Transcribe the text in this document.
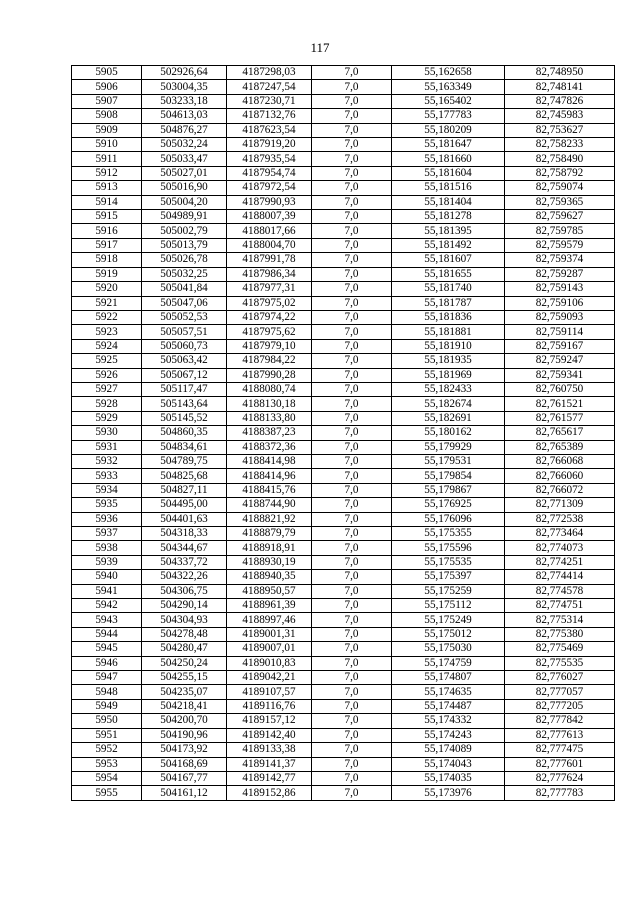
117
5905	502926,64	4187298,03	7,0	55,162658	82,748950
5906	503004,35	4187247,54	7,0	55,163349	82,748141
5907	503233,18	4187230,71	7,0	55,165402	82,747826
5908	504613,03	4187132,76	7,0	55,177783	82,745983
5909	504876,27	4187623,54	7,0	55,180209	82,753627
5910	505032,24	4187919,20	7,0	55,181647	82,758233
5911	505033,47	4187935,54	7,0	55,181660	82,758490
5912	505027,01	4187954,74	7,0	55,181604	82,758792
5913	505016,90	4187972,54	7,0	55,181516	82,759074
5914	505004,20	4187990,93	7,0	55,181404	82,759365
5915	504989,91	4188007,39	7,0	55,181278	82,759627
5916	505002,79	4188017,66	7,0	55,181395	82,759785
5917	505013,79	4188004,70	7,0	55,181492	82,759579
5918	505026,78	4187991,78	7,0	55,181607	82,759374
5919	505032,25	4187986,34	7,0	55,181655	82,759287
5920	505041,84	4187977,31	7,0	55,181740	82,759143
5921	505047,06	4187975,02	7,0	55,181787	82,759106
5922	505052,53	4187974,22	7,0	55,181836	82,759093
5923	505057,51	4187975,62	7,0	55,181881	82,759114
5924	505060,73	4187979,10	7,0	55,181910	82,759167
5925	505063,42	4187984,22	7,0	55,181935	82,759247
5926	505067,12	4187990,28	7,0	55,181969	82,759341
5927	505117,47	4188080,74	7,0	55,182433	82,760750
5928	505143,64	4188130,18	7,0	55,182674	82,761521
5929	505145,52	4188133,80	7,0	55,182691	82,761577
5930	504860,35	4188387,23	7,0	55,180162	82,765617
5931	504834,61	4188372,36	7,0	55,179929	82,765389
5932	504789,75	4188414,98	7,0	55,179531	82,766068
5933	504825,68	4188414,96	7,0	55,179854	82,766060
5934	504827,11	4188415,76	7,0	55,179867	82,766072
5935	504495,00	4188744,90	7,0	55,176925	82,771309
5936	504401,63	4188821,92	7,0	55,176096	82,772538
5937	504318,33	4188879,79	7,0	55,175355	82,773464
5938	504344,67	4188918,91	7,0	55,175596	82,774073
5939	504337,72	4188930,19	7,0	55,175535	82,774251
5940	504322,26	4188940,35	7,0	55,175397	82,774414
5941	504306,75	4188950,57	7,0	55,175259	82,774578
5942	504290,14	4188961,39	7,0	55,175112	82,774751
5943	504304,93	4188997,46	7,0	55,175249	82,775314
5944	504278,48	4189001,31	7,0	55,175012	82,775380
5945	504280,47	4189007,01	7,0	55,175030	82,775469
5946	504250,24	4189010,83	7,0	55,174759	82,775535
5947	504255,15	4189042,21	7,0	55,174807	82,776027
5948	504235,07	4189107,57	7,0	55,174635	82,777057
5949	504218,41	4189116,76	7,0	55,174487	82,777205
5950	504200,70	4189157,12	7,0	55,174332	82,777842
5951	504190,96	4189142,40	7,0	55,174243	82,777613
5952	504173,92	4189133,38	7,0	55,174089	82,777475
5953	504168,69	4189141,37	7,0	55,174043	82,777601
5954	504167,77	4189142,77	7,0	55,174035	82,777624
5955	504161,12	4189152,86	7,0	55,173976	82,777783
